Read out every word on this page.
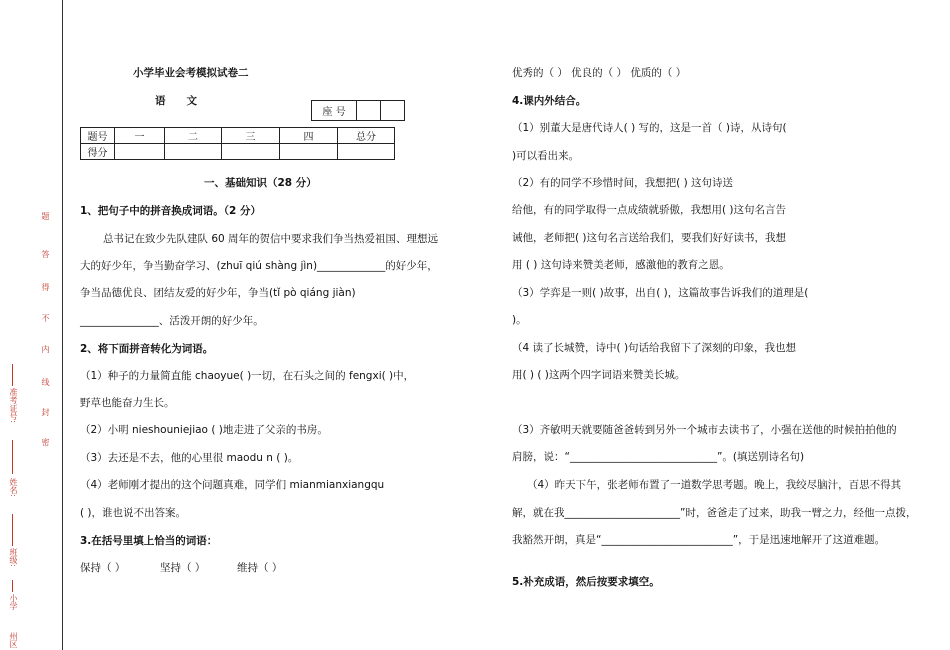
题
答
得
不
内
线
封
密
准考证号:
姓名:
班级:
小学
州区
小学毕业会考模拟试卷二
语　　文
座 号		
题号	一	二	三	四	总分
得分					
一、基础知识（28 分）
1、把句子中的拼音换成词语。（2 分）
总书记在致少先队建队 60 周年的贺信中要求我们争当热爱祖国、理想远
大的好少年，争当勤奋学习、(zhuī qiú shàng jìn)_____________的好少年，
争当品德优良、团结友爱的好少年，争当(tǐ pò qiáng jiàn)
_______________、活泼开朗的好少年。
2、将下面拼音转化为词语。
（1）种子的力量简直能 chaoyue( )一切，在石头之间的 fengxi( )中，
野草也能奋力生长。
（2）小明 nieshouniejiao ( )地走进了父亲的书房。
（3）去还是不去，他的心里很 maodu n ( )。
（4）老师刚才提出的这个问题真难，同学们 mianmianxiangqu
( )，谁也说不出答案。
3.在括号里填上恰当的词语：
保持（ ）	坚持（ ）	维持（ ）
优秀的（ ） 优良的（ ） 优质的（ ）
4.课内外结合。
（1）别董大是唐代诗人( ) 写的，这是一首（ )诗，从诗句(
)可以看出来。
（2）有的同学不珍惜时间，我想把( ) 这句诗送
给他，有的同学取得一点成绩就骄傲，我想用( )这句名言告
诫他，老师把( )这句名言送给我们，要我们好好读书，我想
用 ( ) 这句诗来赞美老师，感激他的教育之恩。
（3）学弈是一则( )故事，出自( )，这篇故事告诉我们的道理是(
)。
（4 读了长城赞，诗中( )句话给我留下了深刻的印象，我也想
用( ) ( )这两个四字词语来赞美长城。
（3）齐敏明天就要随爸爸转到另外一个城市去读书了，小强在送他的时候拍拍他的
肩膀，说：“____________________________”。(填送别诗名句)
（4）昨天下午，张老师布置了一道数学思考题。晚上，我绞尽脑汁，百思不得其
解，就在我______________________”时，爸爸走了过来，助我一臂之力，经他一点拨，
我豁然开朗，真是“_________________________”，于是迅速地解开了这道难题。
5.补充成语，然后按要求填空。
